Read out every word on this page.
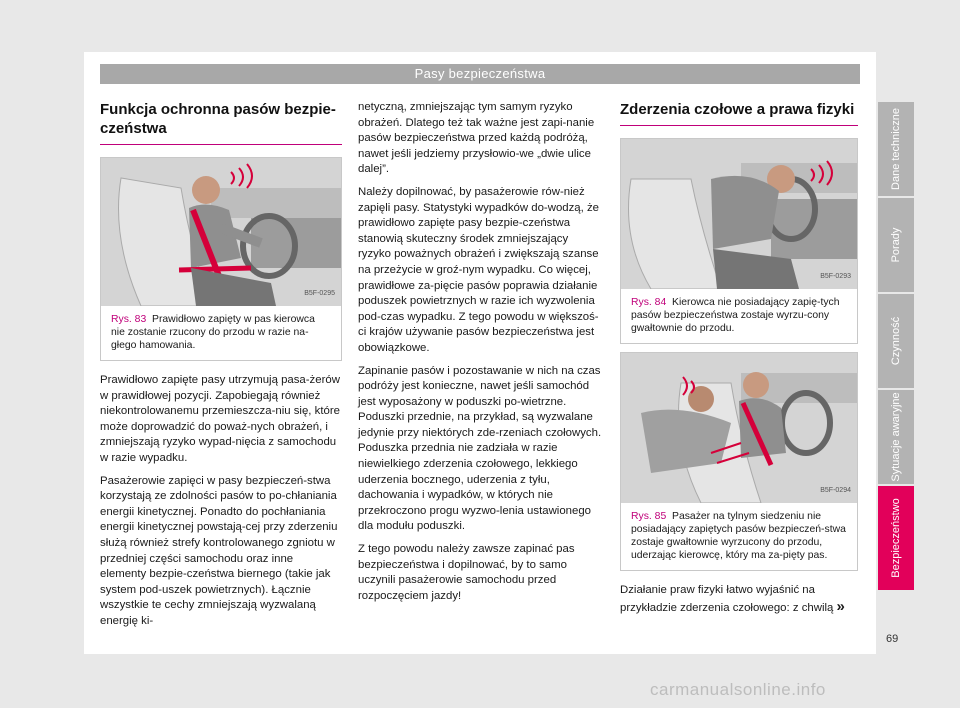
Pasy bezpieczeństwa
Funkcja ochronna pasów bezpie-czeństwa
B5F-0295
Rys. 83 Prawidłowo zapięty w pas kierowca nie zostanie rzucony do przodu w razie na-głego hamowania.

Prawidłowo zapięte pasy utrzymują pasa-żerów w prawidłowej pozycji. Zapobiegają również niekontrolowanemu przemieszcza-niu się, które może doprowadzić do poważ-nych obrażeń, i zmniejszają ryzyko wypad-nięcia z samochodu w razie wypadku.

Pasażerowie zapięci w pasy bezpieczeń-stwa korzystają ze zdolności pasów to po-chłaniania energii kinetycznej. Ponadto do pochłaniania energii kinetycznej powstają-cej przy zderzeniu służą również strefy kontrolowanego zgniotu w przedniej części samochodu oraz inne elementy bezpie-czeństwa biernego (takie jak system pod-uszek powietrznych). Łącznie wszystkie te cechy zmniejszają wyzwalaną energię ki-

netyczną, zmniejszając tym samym ryzyko obrażeń. Dlatego też tak ważne jest zapi-nanie pasów bezpieczeństwa przed każdą podróżą, nawet jeśli jedziemy przysłowio-we „dwie ulice dalej”.

Należy dopilnować, by pasażerowie rów-nież zapięli pasy. Statystyki wypadków do-wodzą, że prawidłowo zapięte pasy bezpie-czeństwa stanowią skuteczny środek zmniejszający ryzyko poważnych obrażeń i zwiększają szanse na przeżycie w groź-nym wypadku. Co więcej, prawidłowe za-pięcie pasów poprawia działanie poduszek powietrznych w razie ich wyzwolenia pod-czas wypadku. Z tego powodu w większoś-ci krajów używanie pasów bezpieczeństwa jest obowiązkowe.

Zapinanie pasów i pozostawanie w nich na czas podróży jest konieczne, nawet jeśli samochód jest wyposażony w poduszki po-wietrzne. Poduszki przednie, na przykład, są wyzwalane jedynie przy niektórych zde-rzeniach czołowych. Poduszka przednia nie zadziała w razie niewielkiego zderzenia czołowego, lekkiego uderzenia bocznego, uderzenia z tyłu, dachowania i wypadków, w których nie przekroczono progu wyzwo-lenia ustawionego dla modułu poduszki.

Z tego powodu należy zawsze zapinać pas bezpieczeństwa i dopilnować, by to samo uczynili pasażerowie samochodu przed rozpoczęciem jazdy!

Zderzenia czołowe a prawa fizyki
B5F-0293
Rys. 84 Kierowca nie posiadający zapię-tych pasów bezpieczeństwa zostaje wyrzu-cony gwałtownie do przodu.
B5F-0294
Rys. 85 Pasażer na tylnym siedzeniu nie posiadający zapiętych pasów bezpieczeń-stwa zostaje gwałtownie wyrzucony do przodu, uderzając kierowcę, który ma za-pięty pas.

Działanie praw fizyki łatwo wyjaśnić na przykładzie zderzenia czołowego: z chwilą »

Dane techniczne
Porady
Czynność
Sytuacje awaryjne
Bezpieczeństwo
69
carmanualsonline.info
